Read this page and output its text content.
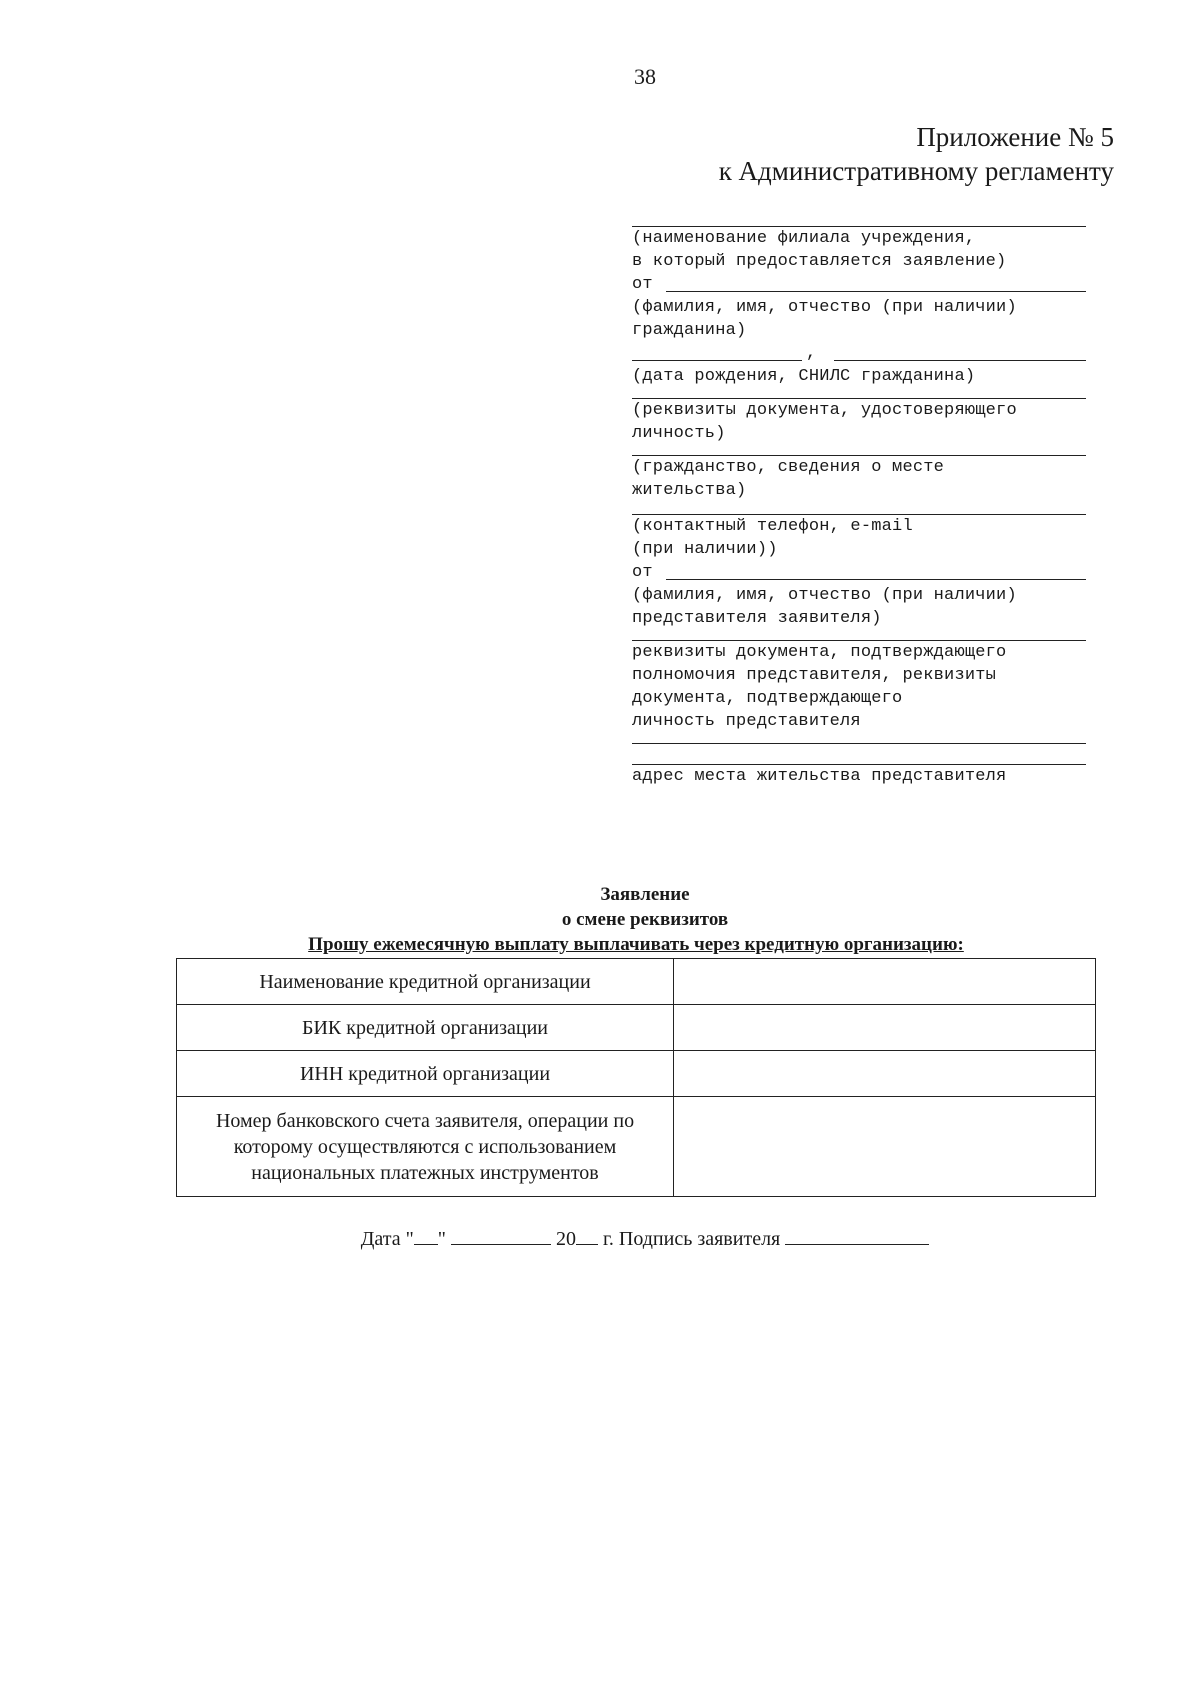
38
Приложение № 5
к Административному регламенту
(наименование филиала учреждения,
в который предоставляется заявление)
от
(фамилия, имя, отчество (при наличии)
гражданина)
,
(дата рождения, СНИЛС гражданина)
(реквизиты документа, удостоверяющего
личность)
(гражданство, сведения о месте
жительства)
(контактный телефон, e-mail
(при наличии))
от
(фамилия, имя, отчество (при наличии)
представителя заявителя)
реквизиты документа, подтверждающего
полномочия представителя, реквизиты
документа, подтверждающего
личность представителя
адрес места жительства представителя
Заявление
о смене реквизитов
Прошу ежемесячную выплату выплачивать через кредитную организацию:
Наименование кредитной организации	
БИК кредитной организации	
ИНН кредитной организации	
Номер банковского счета заявителя, операции по которому осуществляются с использованием национальных платежных инструментов	
Дата " "	20 г. Подпись заявителя
